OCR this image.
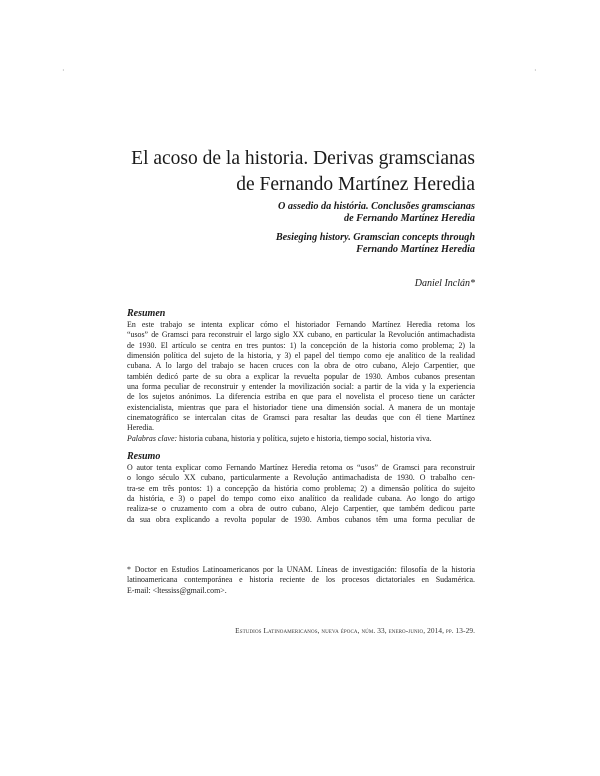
·	·
El acoso de la historia. Derivas gramscianas
de Fernando Martínez Heredia
O assedio da história. Conclusões gramscianas
de Fernando Martínez Heredia
Besieging history. Gramscian concepts through
Fernando Martínez Heredia
Daniel Inclán*
Resumen
En este trabajo se intenta explicar cómo el historiador Fernando Martínez Heredia retoma los
“usos” de Gramsci para reconstruir el largo siglo XX cubano, en particular la Revolución antimachadista
de 1930. El artículo se centra en tres puntos: 1) la concepción de la historia como problema; 2) la
dimensión política del sujeto de la historia, y 3) el papel del tiempo como eje analítico de la realidad
cubana. A lo largo del trabajo se hacen cruces con la obra de otro cubano, Alejo Carpentier, que
también dedicó parte de su obra a explicar la revuelta popular de 1930. Ambos cubanos presentan
una forma peculiar de reconstruir y entender la movilización social: a partir de la vida y la experiencia
de los sujetos anónimos. La diferencia estriba en que para el novelista el proceso tiene un carácter
existencialista, mientras que para el historiador tiene una dimensión social. A manera de un montaje
cinematográfico se intercalan citas de Gramsci para resaltar las deudas que con él tiene Martínez
Heredia.
Palabras clave: historia cubana, historia y política, sujeto e historia, tiempo social, historia viva.
Resumo
O autor tenta explicar como Fernando Martínez Heredia retoma os “usos” de Gramsci para reconstruir
o longo século XX cubano, particularmente a Revolução antimachadista de 1930. O trabalho cen-
tra-se em três pontos: 1) a concepção da história como problema; 2) a dimensão política do sujeito
da história, e 3) o papel do tempo como eixo analítico da realidade cubana. Ao longo do artigo
realiza-se o cruzamento com a obra de outro cubano, Alejo Carpentier, que também dedicou parte
da sua obra explicando a revolta popular de 1930. Ambos cubanos têm uma forma peculiar de
* Doctor en Estudios Latinoamericanos por la UNAM. Líneas de investigación: filosofía de la historia
latinoamericana contemporánea e historia reciente de los procesos dictatoriales en Sudamérica.
E-mail: <ltessiss@gmail.com>.
Estudios Latinoamericanos, nueva época, núm. 33, enero-junio, 2014, pp. 13-29.
